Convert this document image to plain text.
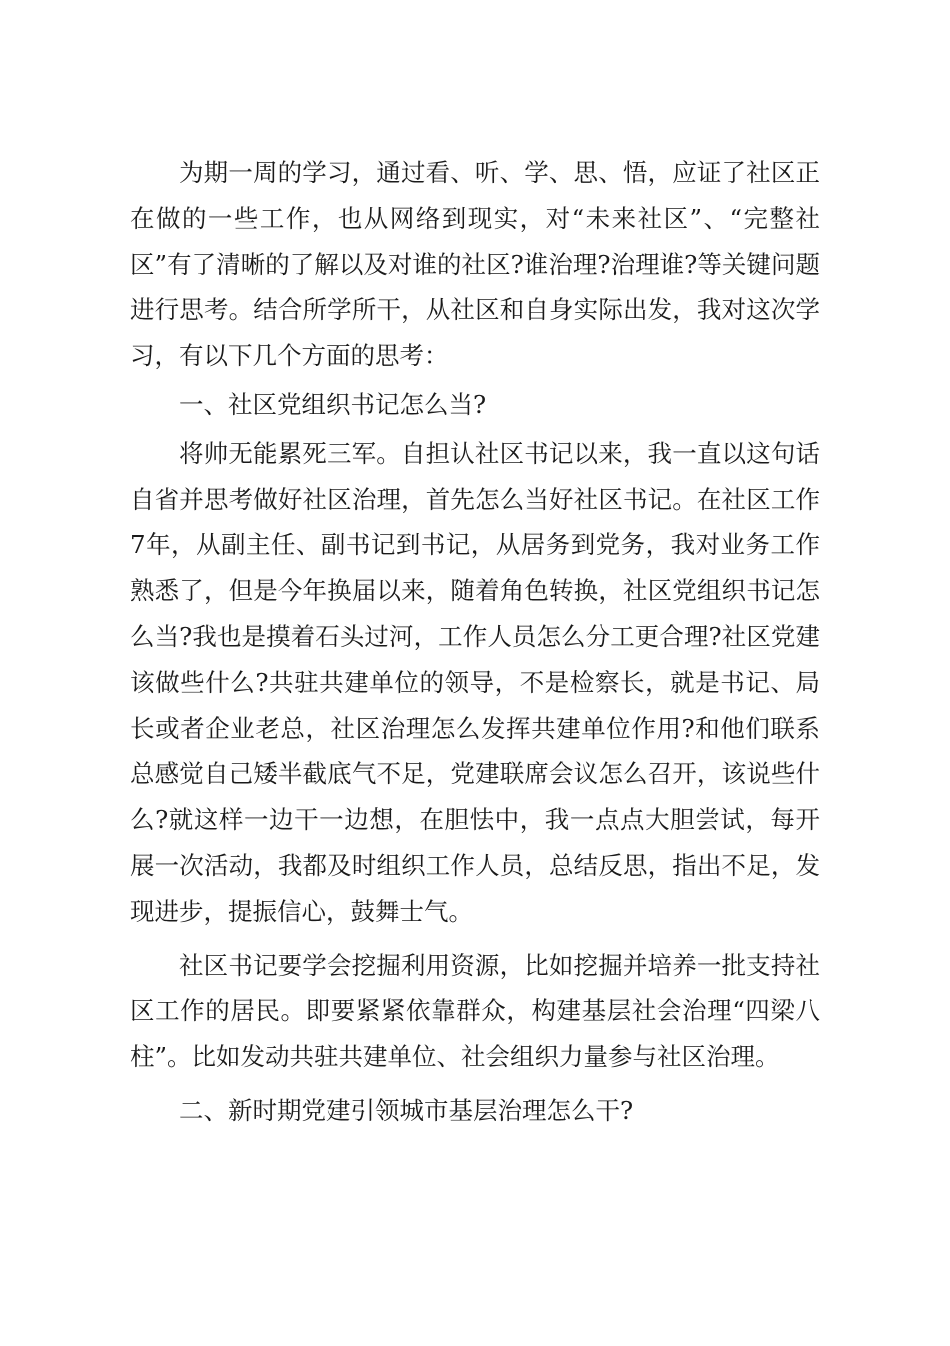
为期一周的学习，通过看、听、学、思、悟，应证了社区正在做的一些工作，也从网络到现实，对“未来社区”、“完整社区”有了清晰的了解以及对谁的社区?谁治理?治理谁?等关键问题进行思考。结合所学所干，从社区和自身实际出发，我对这次学习，有以下几个方面的思考：

一、社区党组织书记怎么当?

将帅无能累死三军。自担认社区书记以来，我一直以这句话自省并思考做好社区治理，首先怎么当好社区书记。在社区工作7年，从副主任、副书记到书记，从居务到党务，我对业务工作熟悉了，但是今年换届以来，随着角色转换，社区党组织书记怎么当?我也是摸着石头过河，工作人员怎么分工更合理?社区党建该做些什么?共驻共建单位的领导，不是检察长，就是书记、局长或者企业老总，社区治理怎么发挥共建单位作用?和他们联系总感觉自己矮半截底气不足，党建联席会议怎么召开，该说些什么?就这样一边干一边想，在胆怯中，我一点点大胆尝试，每开展一次活动，我都及时组织工作人员，总结反思，指出不足，发现进步，提振信心，鼓舞士气。

社区书记要学会挖掘利用资源，比如挖掘并培养一批支持社区工作的居民。即要紧紧依靠群众，构建基层社会治理“四梁八柱”。比如发动共驻共建单位、社会组织力量参与社区治理。

二、新时期党建引领城市基层治理怎么干?
